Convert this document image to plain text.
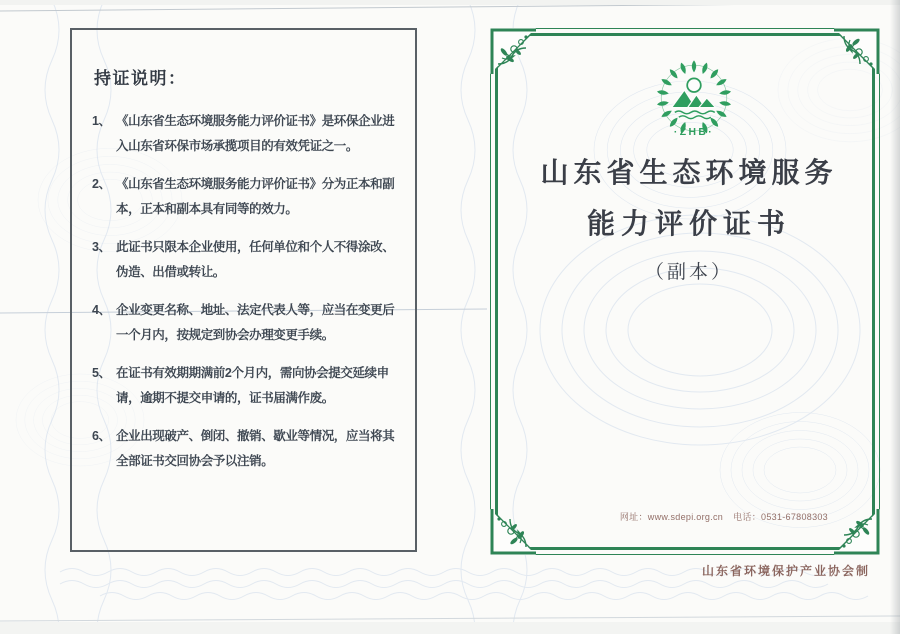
持证说明：
1、 《山东省生态环境服务能力评价证书》是环保企业进入山东省环保市场承揽项目的有效凭证之一。
2、 《山东省生态环境服务能力评价证书》分为正本和副本，正本和副本具有同等的效力。
3、 此证书只限本企业使用，任何单位和个人不得涂改、伪造、出借或转让。
4、 企业变更名称、地址、法定代表人等，应当在变更后一个月内，按规定到协会办理变更手续。
5、 在证书有效期期满前2个月内，需向协会提交延续申请，逾期不提交申请的，证书届满作废。
6、 企业出现破产、倒闭、撤销、歇业等情况，应当将其全部证书交回协会予以注销。
·ZHB·
山东省生态环境服务
能力评价证书
（副本）
网址：www.sdepi.org.cn 电话：0531-67808303
山东省环境保护产业协会制
